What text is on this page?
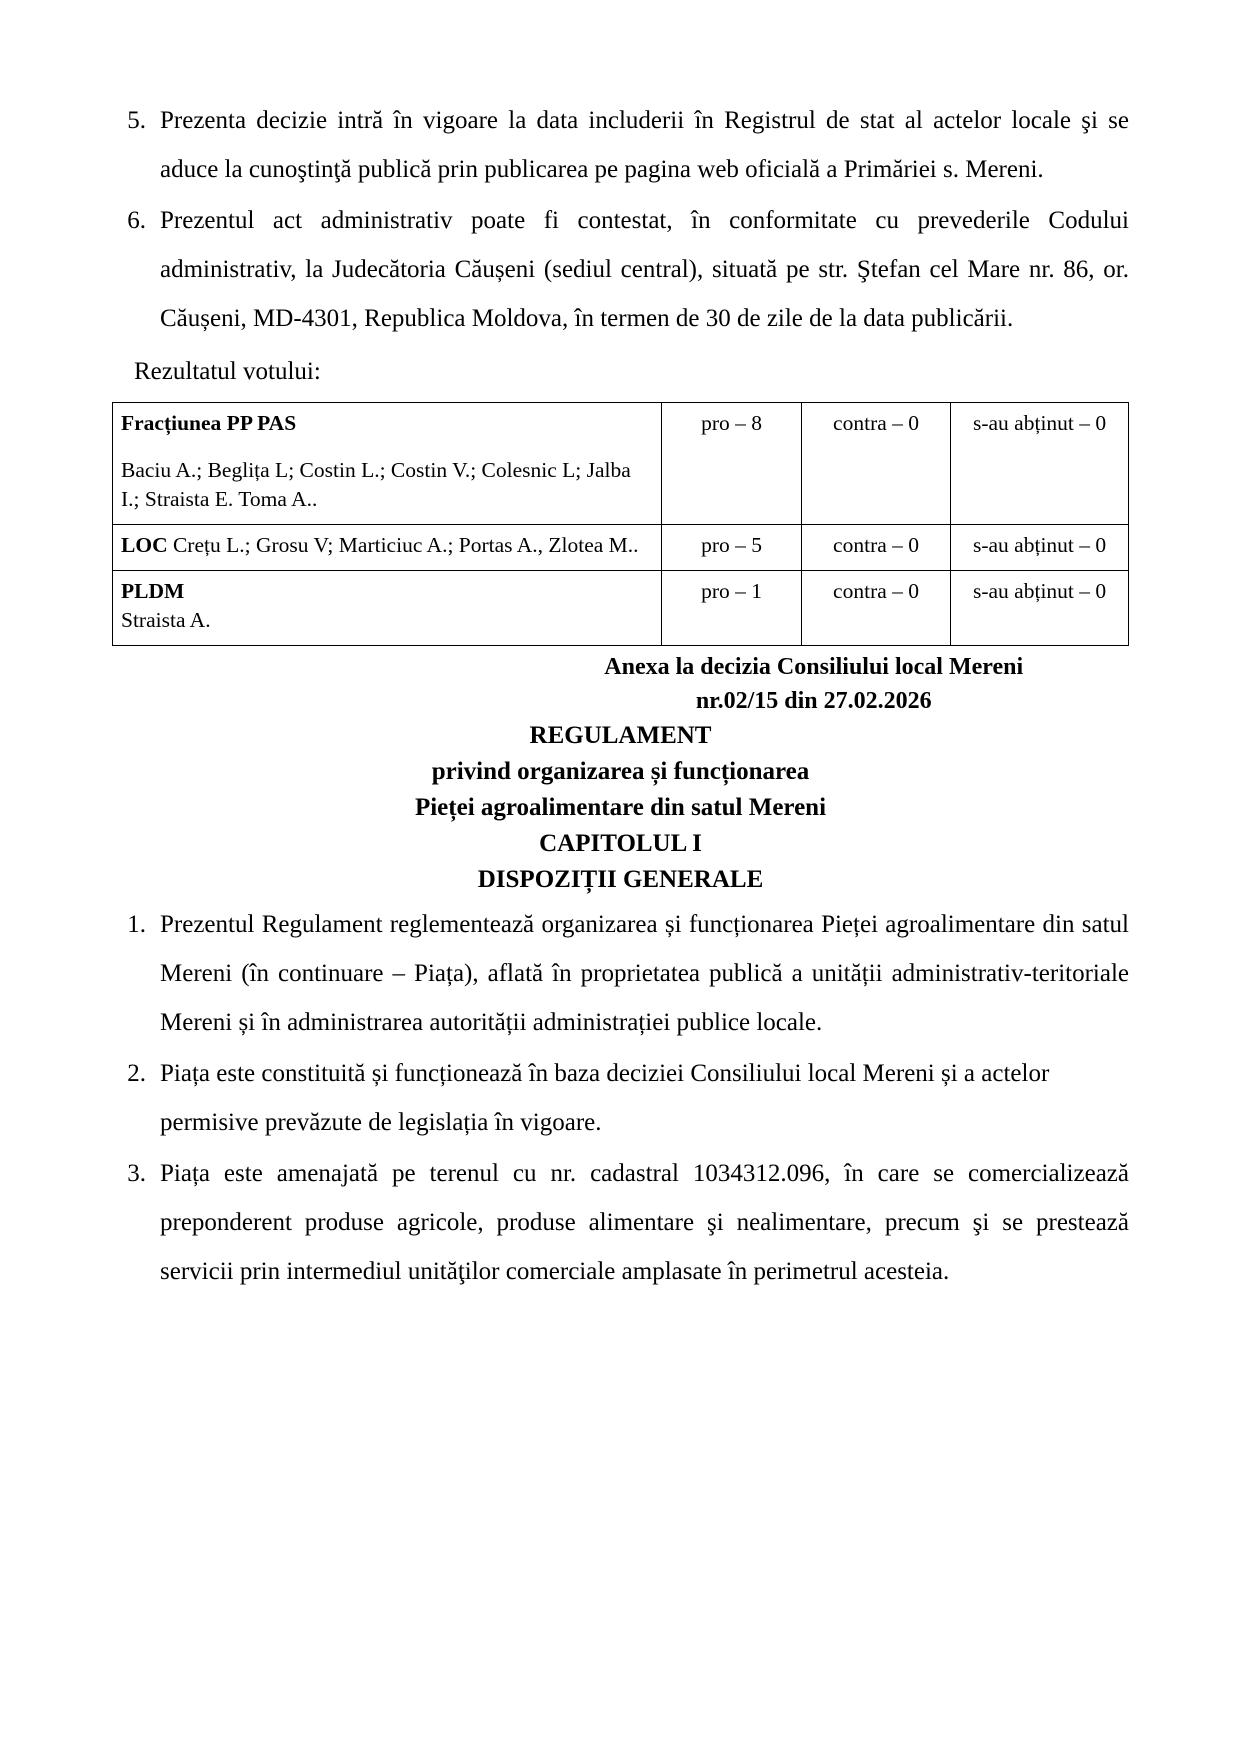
5. Prezenta decizie intră în vigoare la data includerii în Registrul de stat al actelor locale şi se aduce la cunoştinţă publică prin publicarea pe pagina web oficială a Primăriei s. Mereni.
6. Prezentul act administrativ poate fi contestat, în conformitate cu prevederile Codului administrativ, la Judecătoria Căușeni (sediul central), situată pe str. Ştefan cel Mare nr. 86, or. Căușeni, MD-4301, Republica Moldova, în termen de 30 de zile de la data publicării.
Rezultatul votului:
Fracțiunea PP PAS
Baciu A.; Beglița L; Costin L.; Costin V.; Colesnic L; Jalba I.; Straista E. Toma A..	pro – 8	contra – 0	s-au abținut – 0
LOC Crețu L.; Grosu V; Marticiuc A.; Portas A., Zlotea M..	pro – 5	contra – 0	s-au abținut – 0

PLDM
Straista A.	pro – 1	contra – 0	s-au abținut – 0
Anexa la decizia Consiliului local Mereni
nr.02/15 din 27.02.2026
REGULAMENT
privind organizarea și funcționarea
Pieței agroalimentare din satul Mereni
CAPITOLUL I
DISPOZIȚII GENERALE
1. Prezentul Regulament reglementează organizarea și funcționarea Pieței agroalimentare din satul Mereni (în continuare – Piața), aflată în proprietatea publică a unității administrativ-teritoriale Mereni și în administrarea autorității administrației publice locale.
2. Piața este constituită și funcționează în baza deciziei Consiliului local Mereni și a actelor permisive prevăzute de legislația în vigoare.
3. Piața este amenajată pe terenul cu nr. cadastral 1034312.096, în care se comercializează preponderent produse agricole, produse alimentare şi nealimentare, precum şi se prestează servicii prin intermediul unităţilor comerciale amplasate în perimetrul acesteia.
